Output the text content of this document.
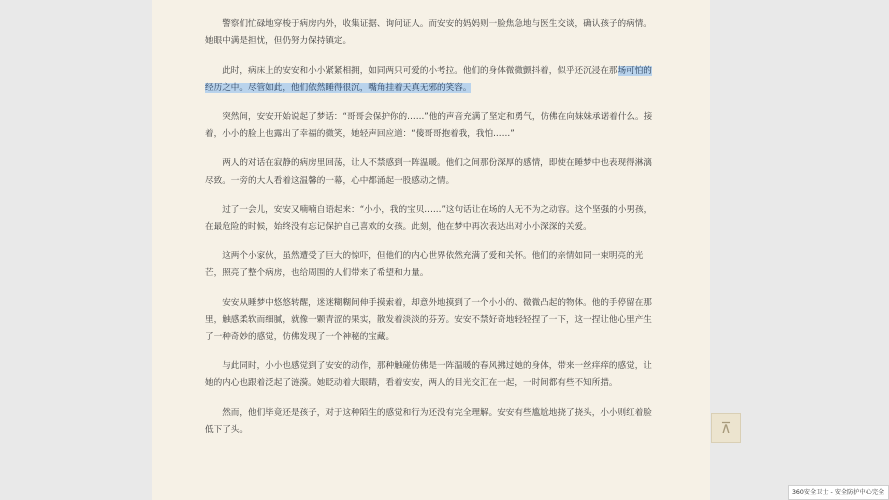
警察们忙碌地穿梭于病房内外，收集证据、询问证人。而安安的妈妈则一脸焦急地与医生交谈，确认孩子的病情。她眼中满是担忧，但仍努力保持镇定。

此时，病床上的安安和小小紧紧相拥，如同两只可爱的小考拉。他们的身体微微颤抖着，似乎还沉浸在那场可怕的经历之中。尽管如此，他们依然睡得很沉，嘴角挂着天真无邪的笑容。

突然间，安安开始说起了梦话：“哥哥会保护你的……”他的声音充满了坚定和勇气，仿佛在向妹妹承诺着什么。接着，小小的脸上也露出了幸福的微笑，她轻声回应道：“傻哥哥抱着我，我怕……”

两人的对话在寂静的病房里回荡，让人不禁感到一阵温暖。他们之间那份深厚的感情，即使在睡梦中也表现得淋漓尽致。一旁的大人看着这温馨的一幕，心中都涌起一股感动之情。

过了一会儿，安安又喃喃自语起来：“小小，我的宝贝……”这句话让在场的人无不为之动容。这个坚强的小男孩，在最危险的时候，始终没有忘记保护自己喜欢的女孩。此刻，他在梦中再次表达出对小小深深的关爱。

这两个小家伙，虽然遭受了巨大的惊吓，但他们的内心世界依然充满了爱和关怀。他们的亲情如同一束明亮的光芒，照亮了整个病房，也给周围的人们带来了希望和力量。

安安从睡梦中悠悠转醒，迷迷糊糊间伸手摸索着，却意外地摸到了一个小小的、微微凸起的物体。他的手停留在那里，触感柔软而细腻，就像一颗青涩的果实，散发着淡淡的芬芳。安安不禁好奇地轻轻捏了一下，这一捏让他心里产生了一种奇妙的感觉，仿佛发现了一个神秘的宝藏。

与此同时，小小也感觉到了安安的动作，那种触碰仿佛是一阵温暖的春风拂过她的身体，带来一丝痒痒的感觉，让她的内心也跟着泛起了涟漪。她眨动着大眼睛，看着安安，两人的目光交汇在一起，一时间都有些不知所措。

然而，他们毕竟还是孩子，对于这种陌生的感觉和行为还没有完全理解。安安有些尴尬地挠了挠头，小小则红着脸低下了头。	⊼
360安全卫士 - 安全防护中心完全
